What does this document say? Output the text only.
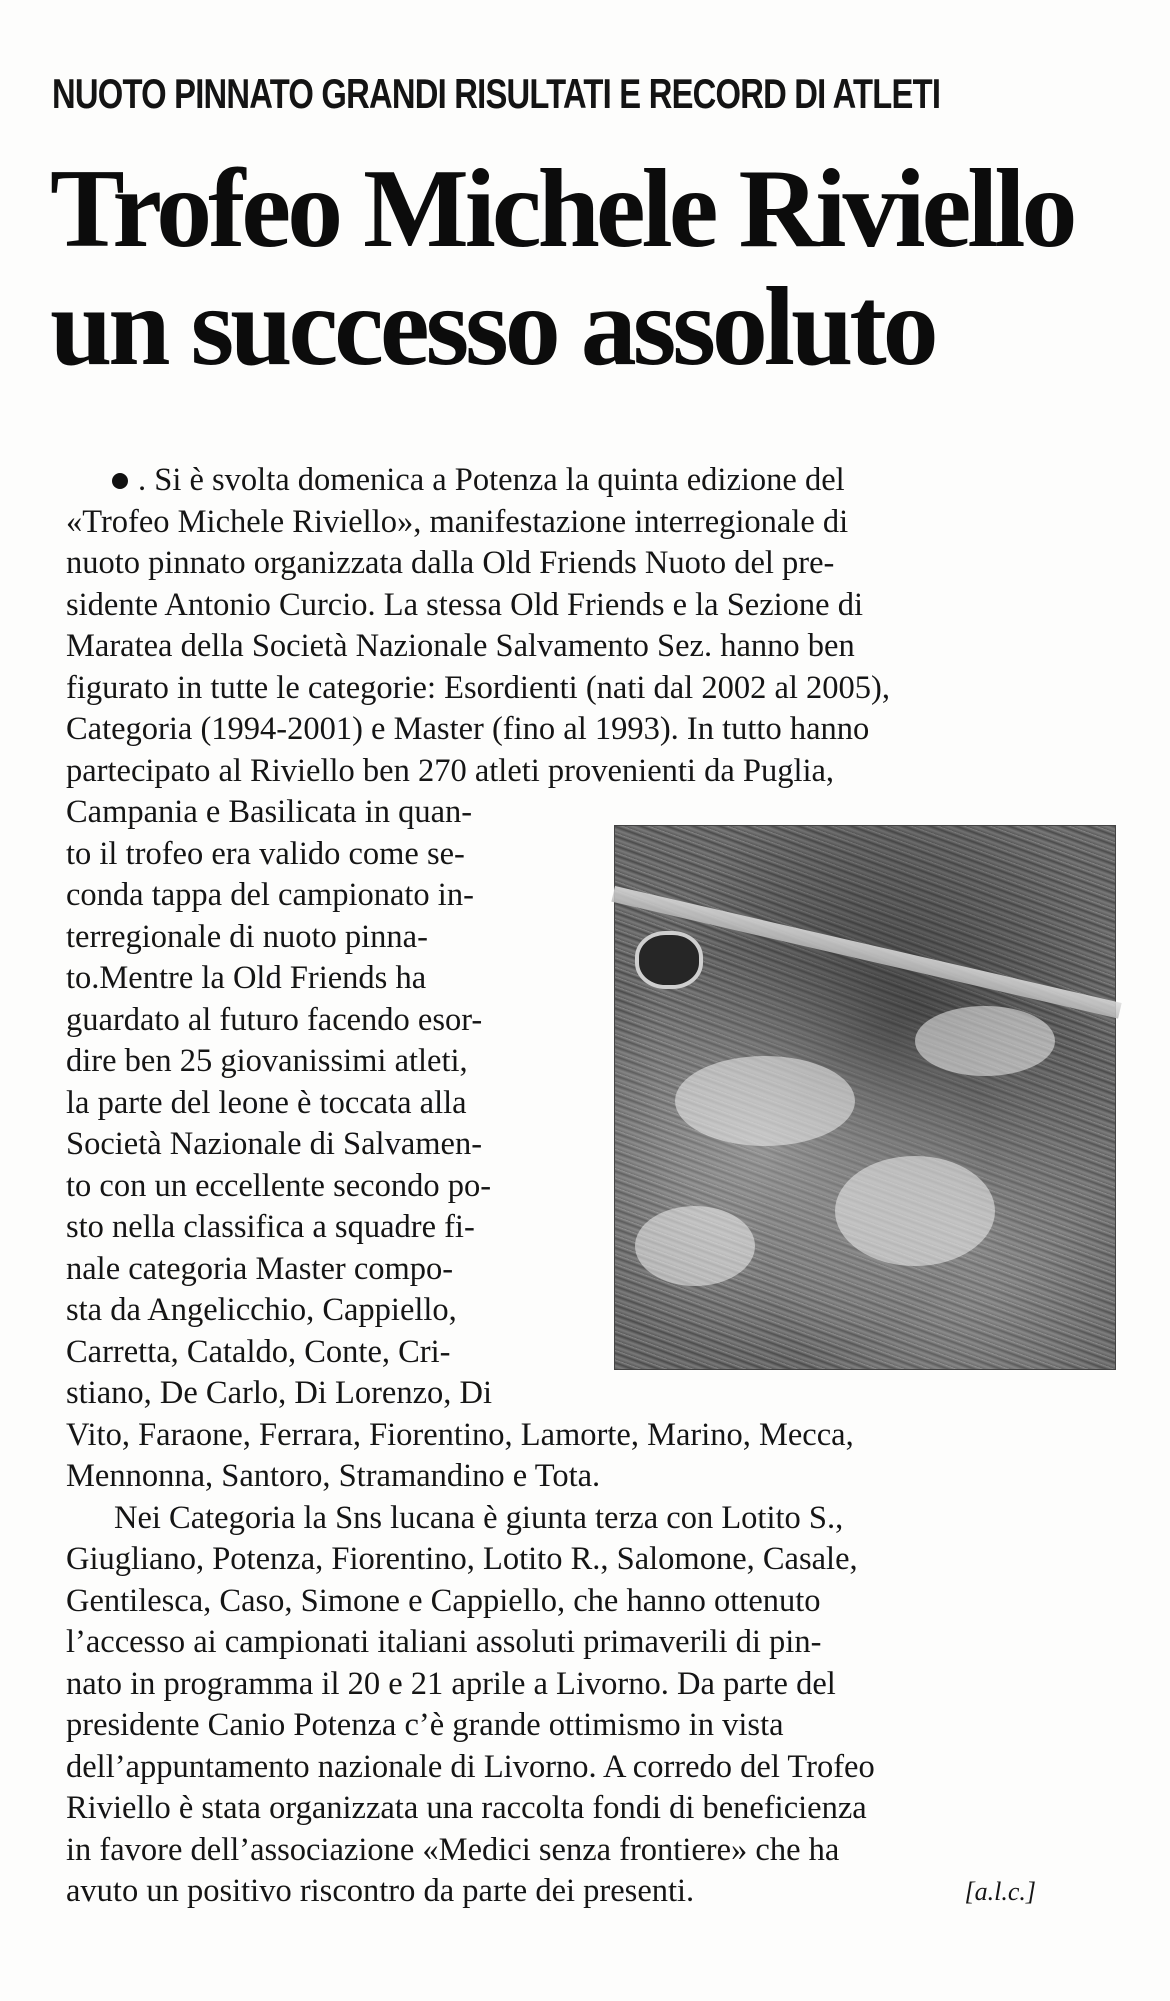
NUOTO PINNATO GRANDI RISULTATI E RECORD DI ATLETI
Trofeo Michele Riviello
un successo assoluto
. Si è svolta domenica a Potenza la quinta edizione del
«Trofeo Michele Riviello», manifestazione interregionale di
nuoto pinnato organizzata dalla Old Friends Nuoto del pre-
sidente Antonio Curcio. La stessa Old Friends e la Sezione di
Maratea della Società Nazionale Salvamento Sez. hanno ben
figurato in tutte le categorie: Esordienti (nati dal 2002 al 2005),
Categoria (1994-2001) e Master (fino al 1993). In tutto hanno
partecipato al Riviello ben 270 atleti provenienti da Puglia,
Campania e Basilicata in quan-
to il trofeo era valido come se-
conda tappa del campionato in-
terregionale di nuoto pinna-
to.Mentre la Old Friends ha
guardato al futuro facendo esor-
dire ben 25 giovanissimi atleti,
la parte del leone è toccata alla
Società Nazionale di Salvamen-
to con un eccellente secondo po-
sto nella classifica a squadre fi-
nale categoria Master compo-
sta da Angelicchio, Cappiello,
Carretta, Cataldo, Conte, Cri-
stiano, De Carlo, Di Lorenzo, Di
Vito, Faraone, Ferrara, Fiorentino, Lamorte, Marino, Mecca,
Mennonna, Santoro, Stramandino e Tota.
Nei Categoria la Sns lucana è giunta terza con Lotito S.,
Giugliano, Potenza, Fiorentino, Lotito R., Salomone, Casale,
Gentilesca, Caso, Simone e Cappiello, che hanno ottenuto
l’accesso ai campionati italiani assoluti primaverili di pin-
nato in programma il 20 e 21 aprile a Livorno. Da parte del
presidente Canio Potenza c’è grande ottimismo in vista
dell’appuntamento nazionale di Livorno. A corredo del Trofeo
Riviello è stata organizzata una raccolta fondi di beneficienza
in favore dell’associazione «Medici senza frontiere» che ha
avuto un positivo riscontro da parte dei presenti.	[a.l.c.]
